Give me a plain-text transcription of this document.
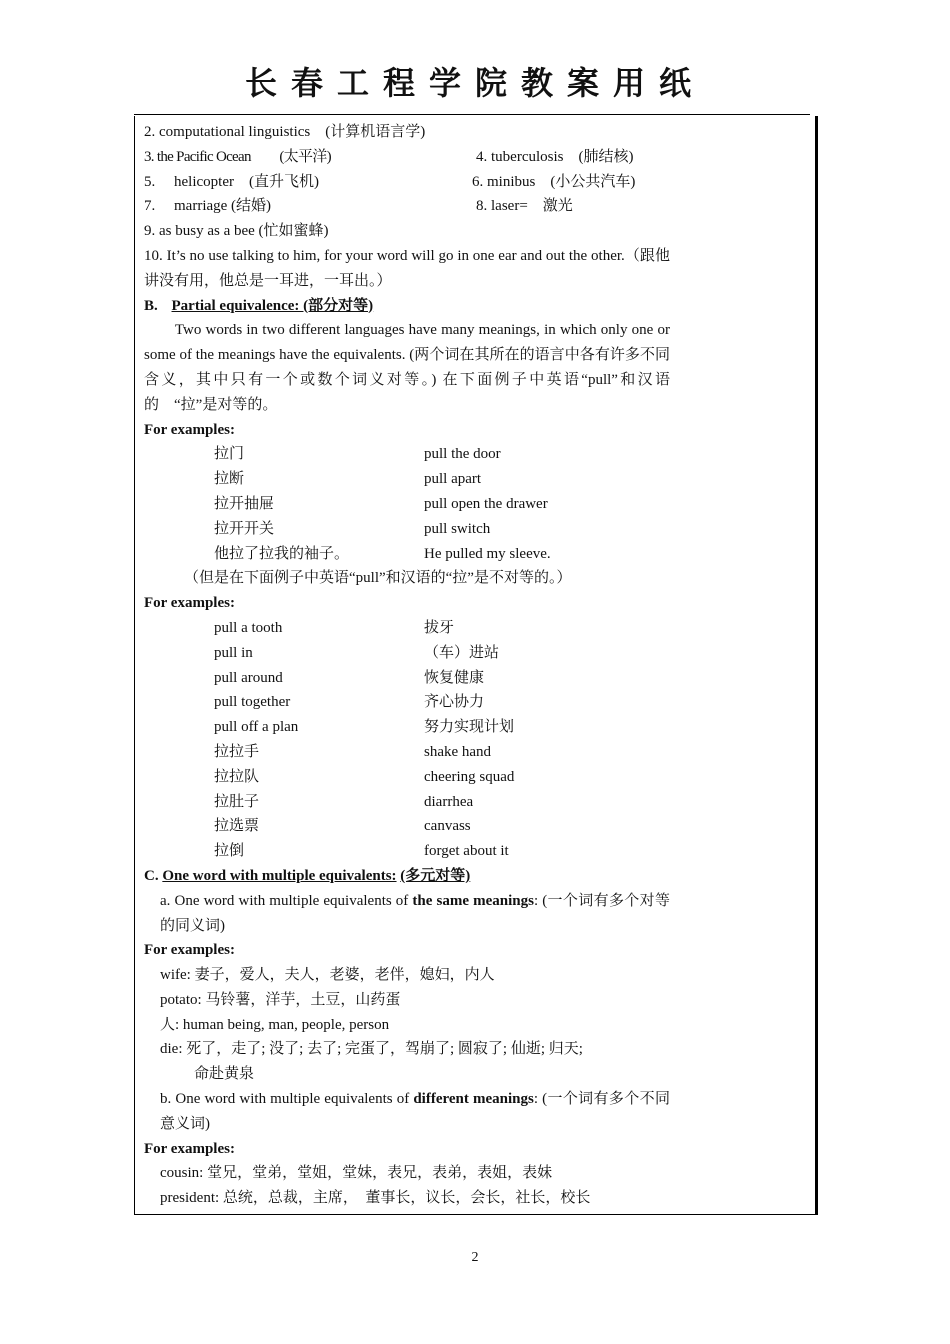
长春工程学院教案用纸
2. computational linguistics　(计算机语言学)
3. the Pacific Ocean　　(太平洋)	4. tuberculosis　(肺结核)
5.　 helicopter　(直升飞机)	6. minibus　(小公共汽车)
7.　 marriage (结婚)	8. laser=　激光
9. as busy as a bee (忙如蜜蜂)
10. It’s no use talking to him, for your word will go in one ear and out the other.（跟他讲没有用，他总是一耳进，一耳出。）
B. Partial equivalence: (部分对等)
　　Two words in two different languages have many meanings, in which only one or some of the meanings have the equivalents. (两个词在其所在的语言中各有许多不同含义，其中只有一个或数个词义对等。) 在下面例子中英语“pull”和汉语的　“拉”是对等的。
For examples:
拉门	pull the door
拉断	pull apart
拉开抽屉	pull open the drawer
拉开开关	pull switch
他拉了拉我的袖子。	He pulled my sleeve.
（但是在下面例子中英语“pull”和汉语的“拉”是不对等的。）
For examples:
pull a tooth	拔牙
pull in	（车）进站
pull around	恢复健康
pull together	齐心协力
pull off a plan	努力实现计划
拉拉手	shake hand
拉拉队	cheering squad
拉肚子	diarrhea
拉选票	canvass
拉倒	forget about it
C. One word with multiple equivalents: (多元对等)
a. One word with multiple equivalents of the same meanings: (一个词有多个对等的同义词)
For examples:
wife: 妻子，爱人，夫人，老婆，老伴，媳妇，内人
potato: 马铃薯，洋芋，土豆，山药蛋
人: human being, man, people, person
die: 死了，走了; 没了; 去了; 完蛋了，驾崩了; 圆寂了; 仙逝; 归天;
命赴黄泉
b. One word with multiple equivalents of different meanings: (一个词有多个不同意义词)
For examples:
cousin: 堂兄，堂弟，堂姐，堂妹，表兄，表弟，表姐，表妹
president: 总统，总裁，主席，　董事长，议长，会长，社长，校长
2
